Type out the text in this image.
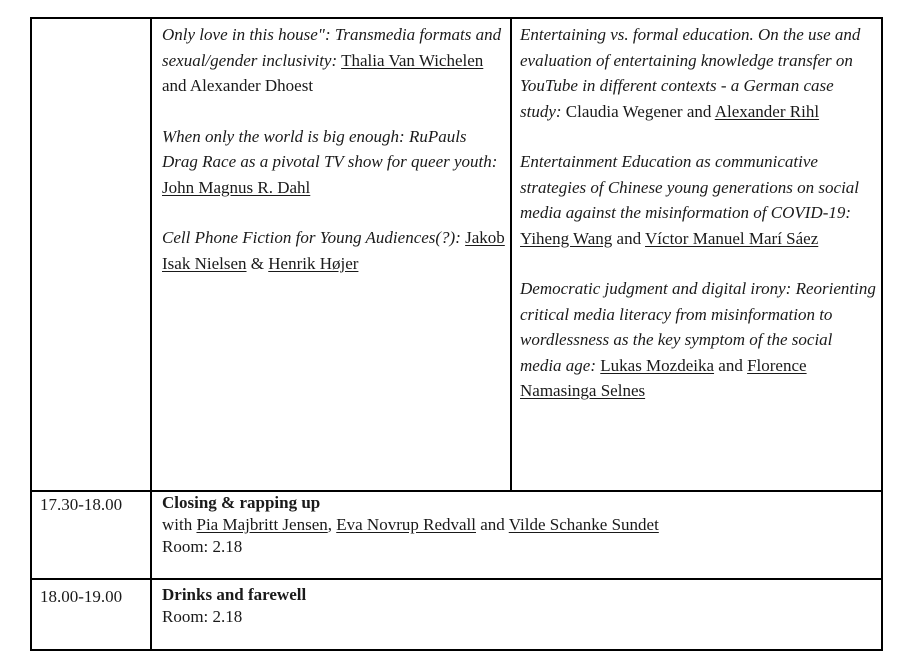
Only love in this house": Transmedia formats and sexual/gender inclusivity: Thalia Van Wichelen and Alexander Dhoest

When only the world is big enough: RuPauls Drag Race as a pivotal TV show for queer youth: John Magnus R. Dahl

Cell Phone Fiction for Young Audiences(?): Jakob Isak Nielsen & Henrik Højer

Entertaining vs. formal education. On the use and evaluation of entertaining knowledge transfer on YouTube in different contexts - a German case study: Claudia Wegener and Alexander Rihl

Entertainment Education as communicative strategies of Chinese young generations on social media against the misinformation of COVID-19: Yiheng Wang and Víctor Manuel Marí Sáez

Democratic judgment and digital irony: Reorienting critical media literacy from misinformation to wordlessness as the key symptom of the social media age: Lukas Mozdeika and Florence Namasinga Selnes

17.30-18.00 Closing & rapping up

with Pia Majbritt Jensen, Eva Novrup Redvall and Vilde Schanke Sundet

Room: 2.18

18.00-19.00 Drinks and farewell

Room: 2.18
